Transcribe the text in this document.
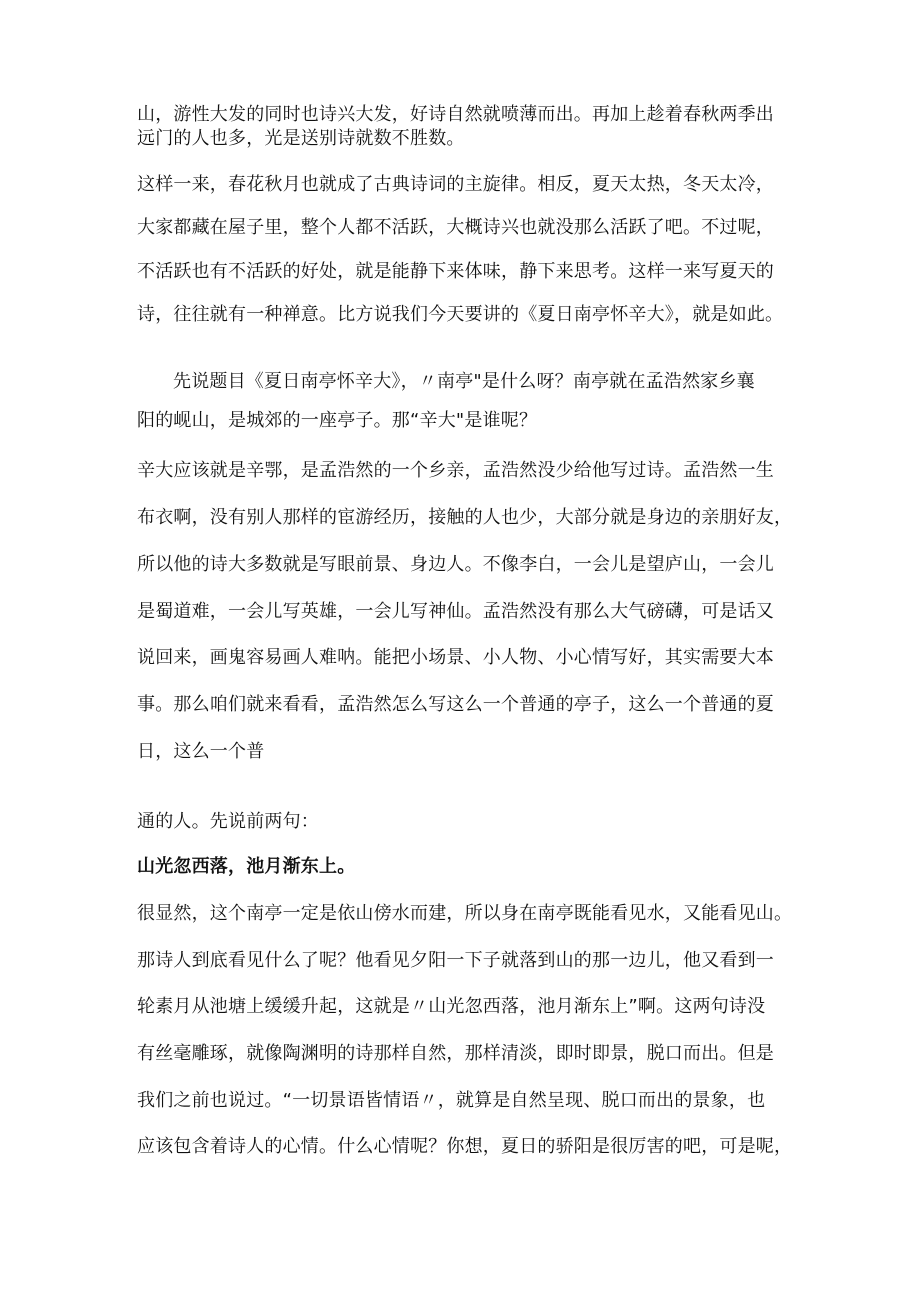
山，游性大发的同时也诗兴大发，好诗自然就喷薄而出。再加上趁着春秋两季出
远门的人也多，光是送别诗就数不胜数。
这样一来，春花秋月也就成了古典诗词的主旋律。相反，夏天太热，冬天太冷，
大家都藏在屋子里，整个人都不活跃，大概诗兴也就没那么活跃了吧。不过呢，
不活跃也有不活跃的好处，就是能静下来体味，静下来思考。这样一来写夏天的
诗，往往就有一种禅意。比方说我们今天要讲的《夏日南亭怀辛大》，就是如此。
先说题目《夏日南亭怀辛大》，〃南亭"是什么呀？南亭就在孟浩然家乡襄
阳的岘山，是城郊的一座亭子。那“辛大"是谁呢？
辛大应该就是辛鄂，是孟浩然的一个乡亲，孟浩然没少给他写过诗。孟浩然一生
布衣啊，没有别人那样的宦游经历，接触的人也少，大部分就是身边的亲朋好友，
所以他的诗大多数就是写眼前景、身边人。不像李白，一会儿是望庐山，一会儿
是蜀道难，一会儿写英雄，一会儿写神仙。孟浩然没有那么大气磅礴，可是话又
说回来，画鬼容易画人难呐。能把小场景、小人物、小心情写好，其实需要大本
事。那么咱们就来看看，孟浩然怎么写这么一个普通的亭子，这么一个普通的夏
日，这么一个普
通的人。先说前两句：
山光忽西落，池月渐东上。
很显然，这个南亭一定是依山傍水而建，所以身在南亭既能看见水，又能看见山。
那诗人到底看见什么了呢？他看见夕阳一下子就落到山的那一边儿，他又看到一
轮素月从池塘上缓缓升起，这就是〃山光忽西落，池月渐东上”啊。这两句诗没
有丝毫雕琢，就像陶渊明的诗那样自然，那样清淡，即时即景，脱口而出。但是
我们之前也说过。“一切景语皆情语〃，就算是自然呈现、脱口而出的景象，也
应该包含着诗人的心情。什么心情呢？你想，夏日的骄阳是很厉害的吧，可是呢，
